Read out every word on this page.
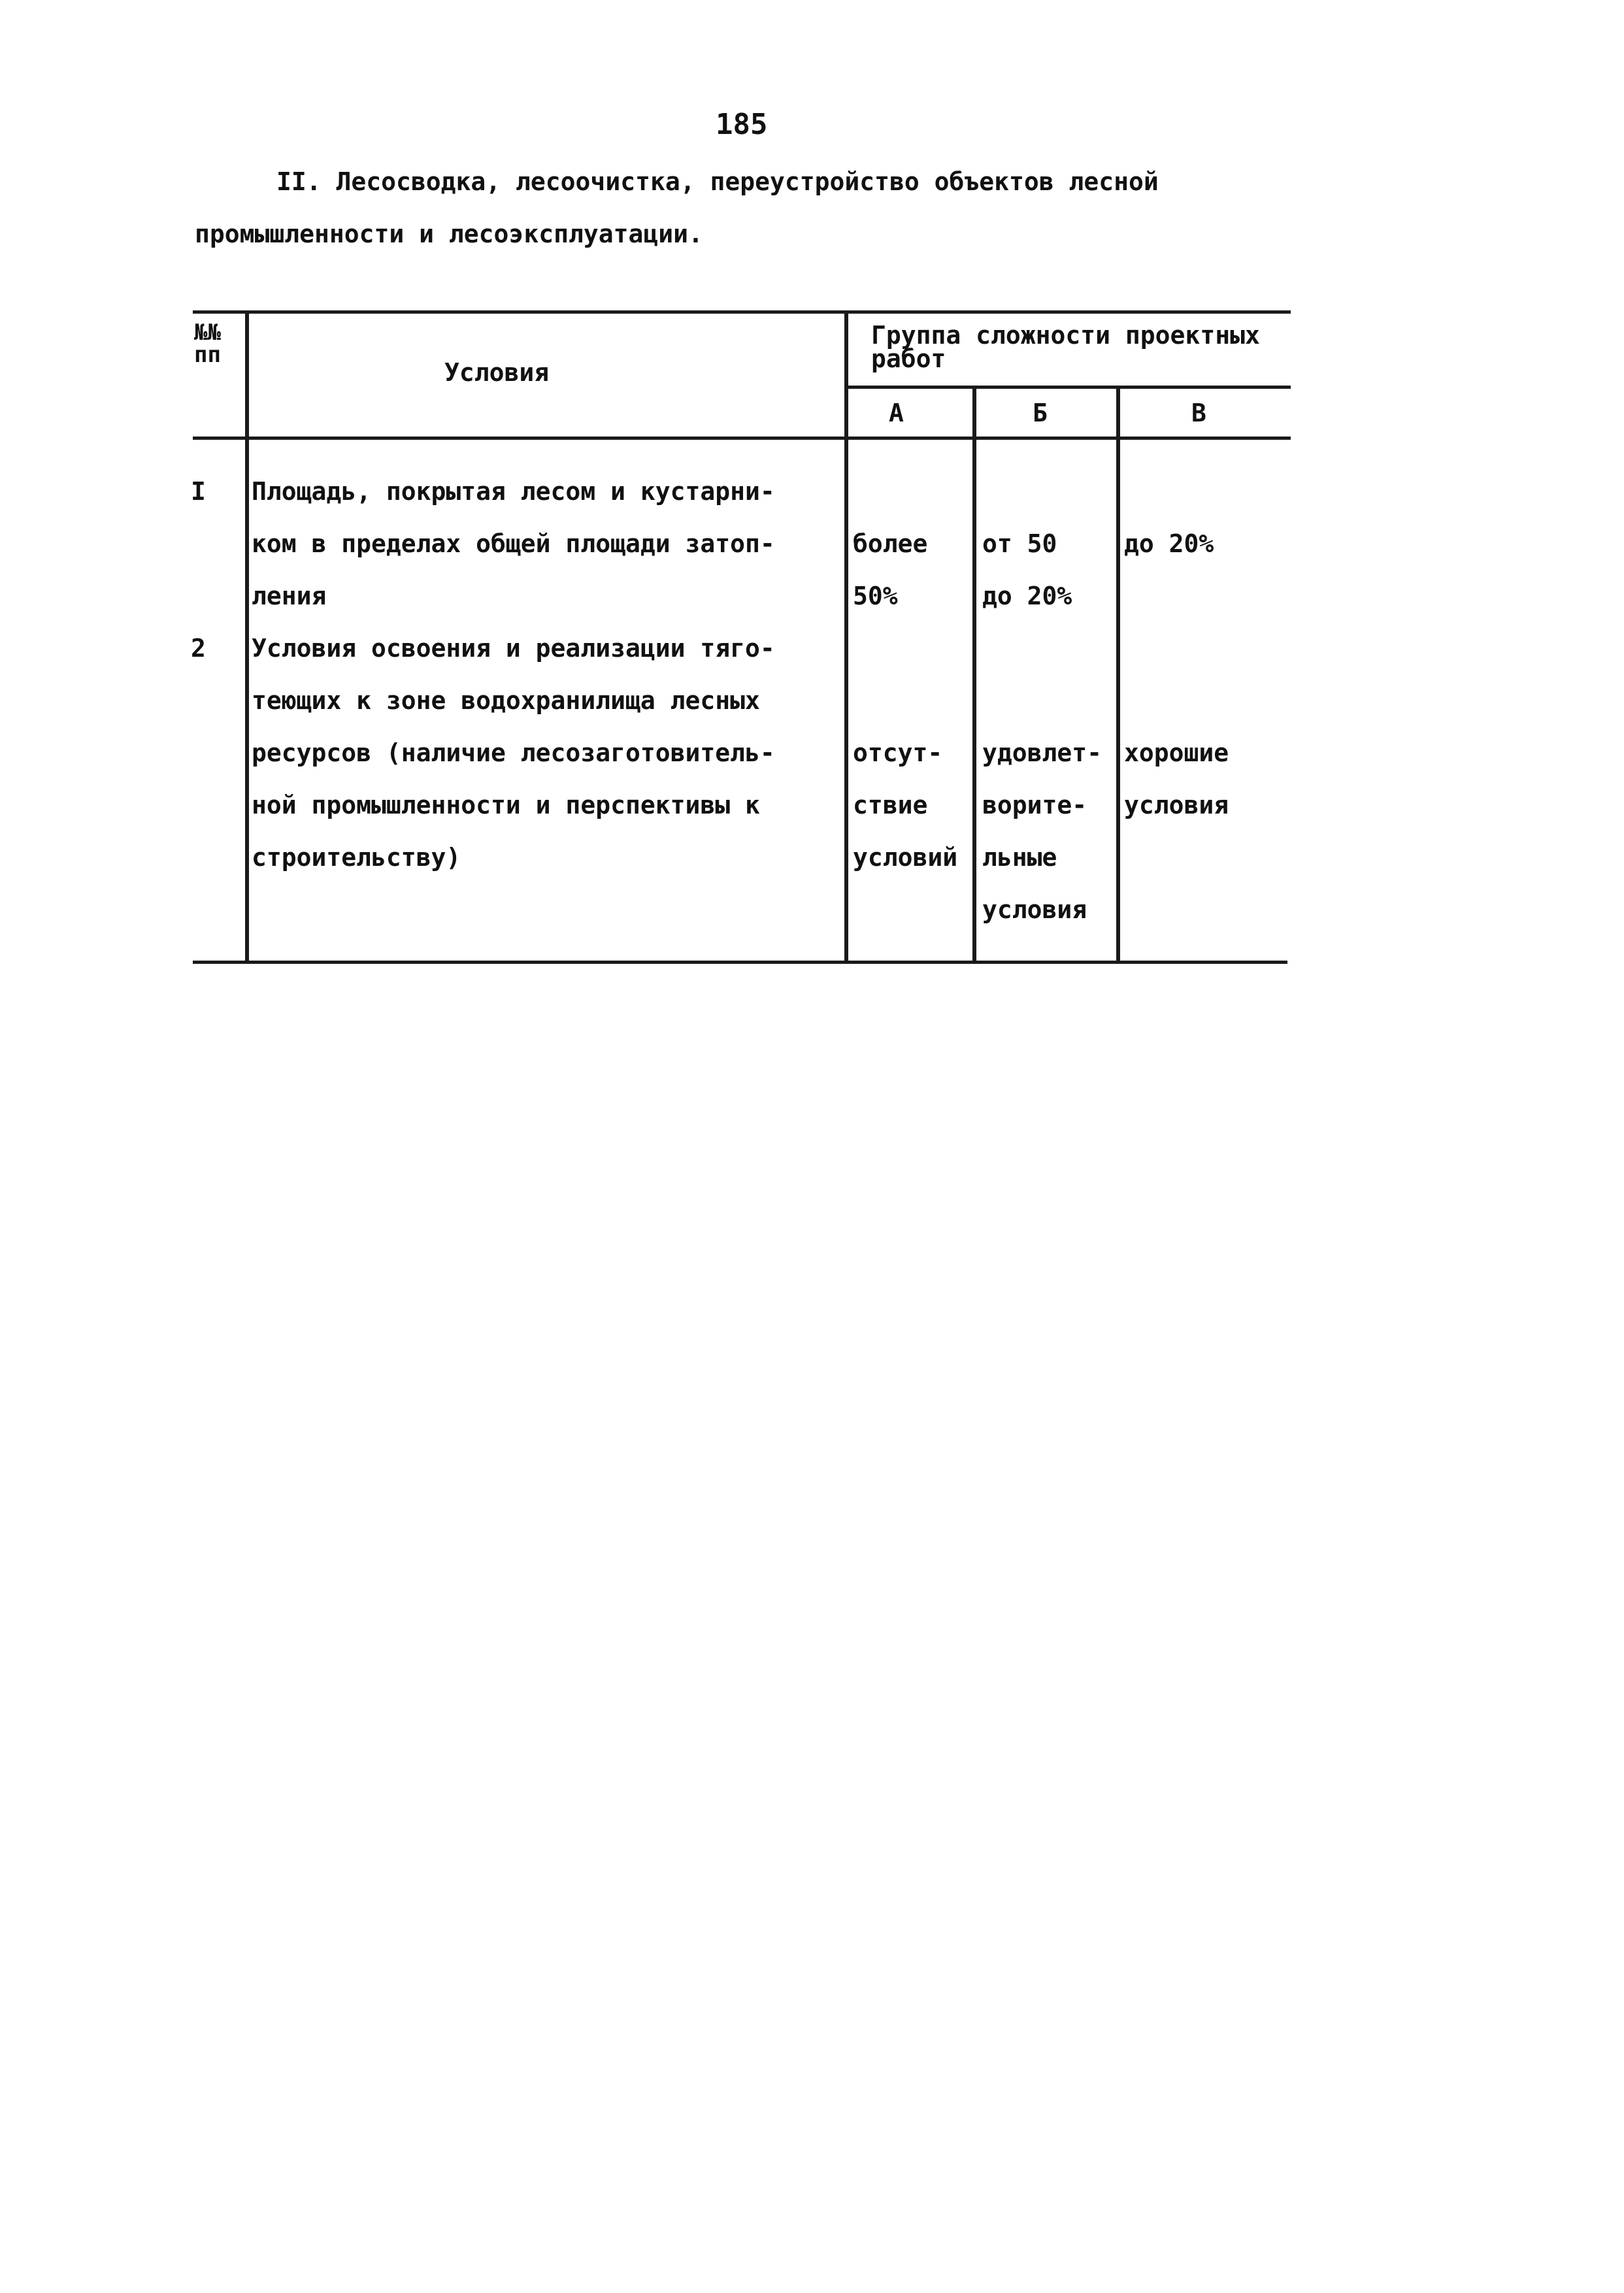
185
II. Лесосводка, лесоочистка, переустройство объектов лесной
промышленности и лесоэксплуатации.
№№
пп
Условия
Группа сложности проектных
работ
А	Б	В
I Площадь, покрытая лесом и кустарни-
ком в пределах общей площади затоп-
ления
более
50%
от 50
до 20%
до 20%
2 Условия освоения и реализации тяго-
теющих к зоне водохранилища лесных
ресурсов (наличие лесозаготовитель-
ной промышленности и перспективы к
строительству)
отсут-
ствие
условий
удовлет-
ворите-
льные
условия
хорошие
условия
